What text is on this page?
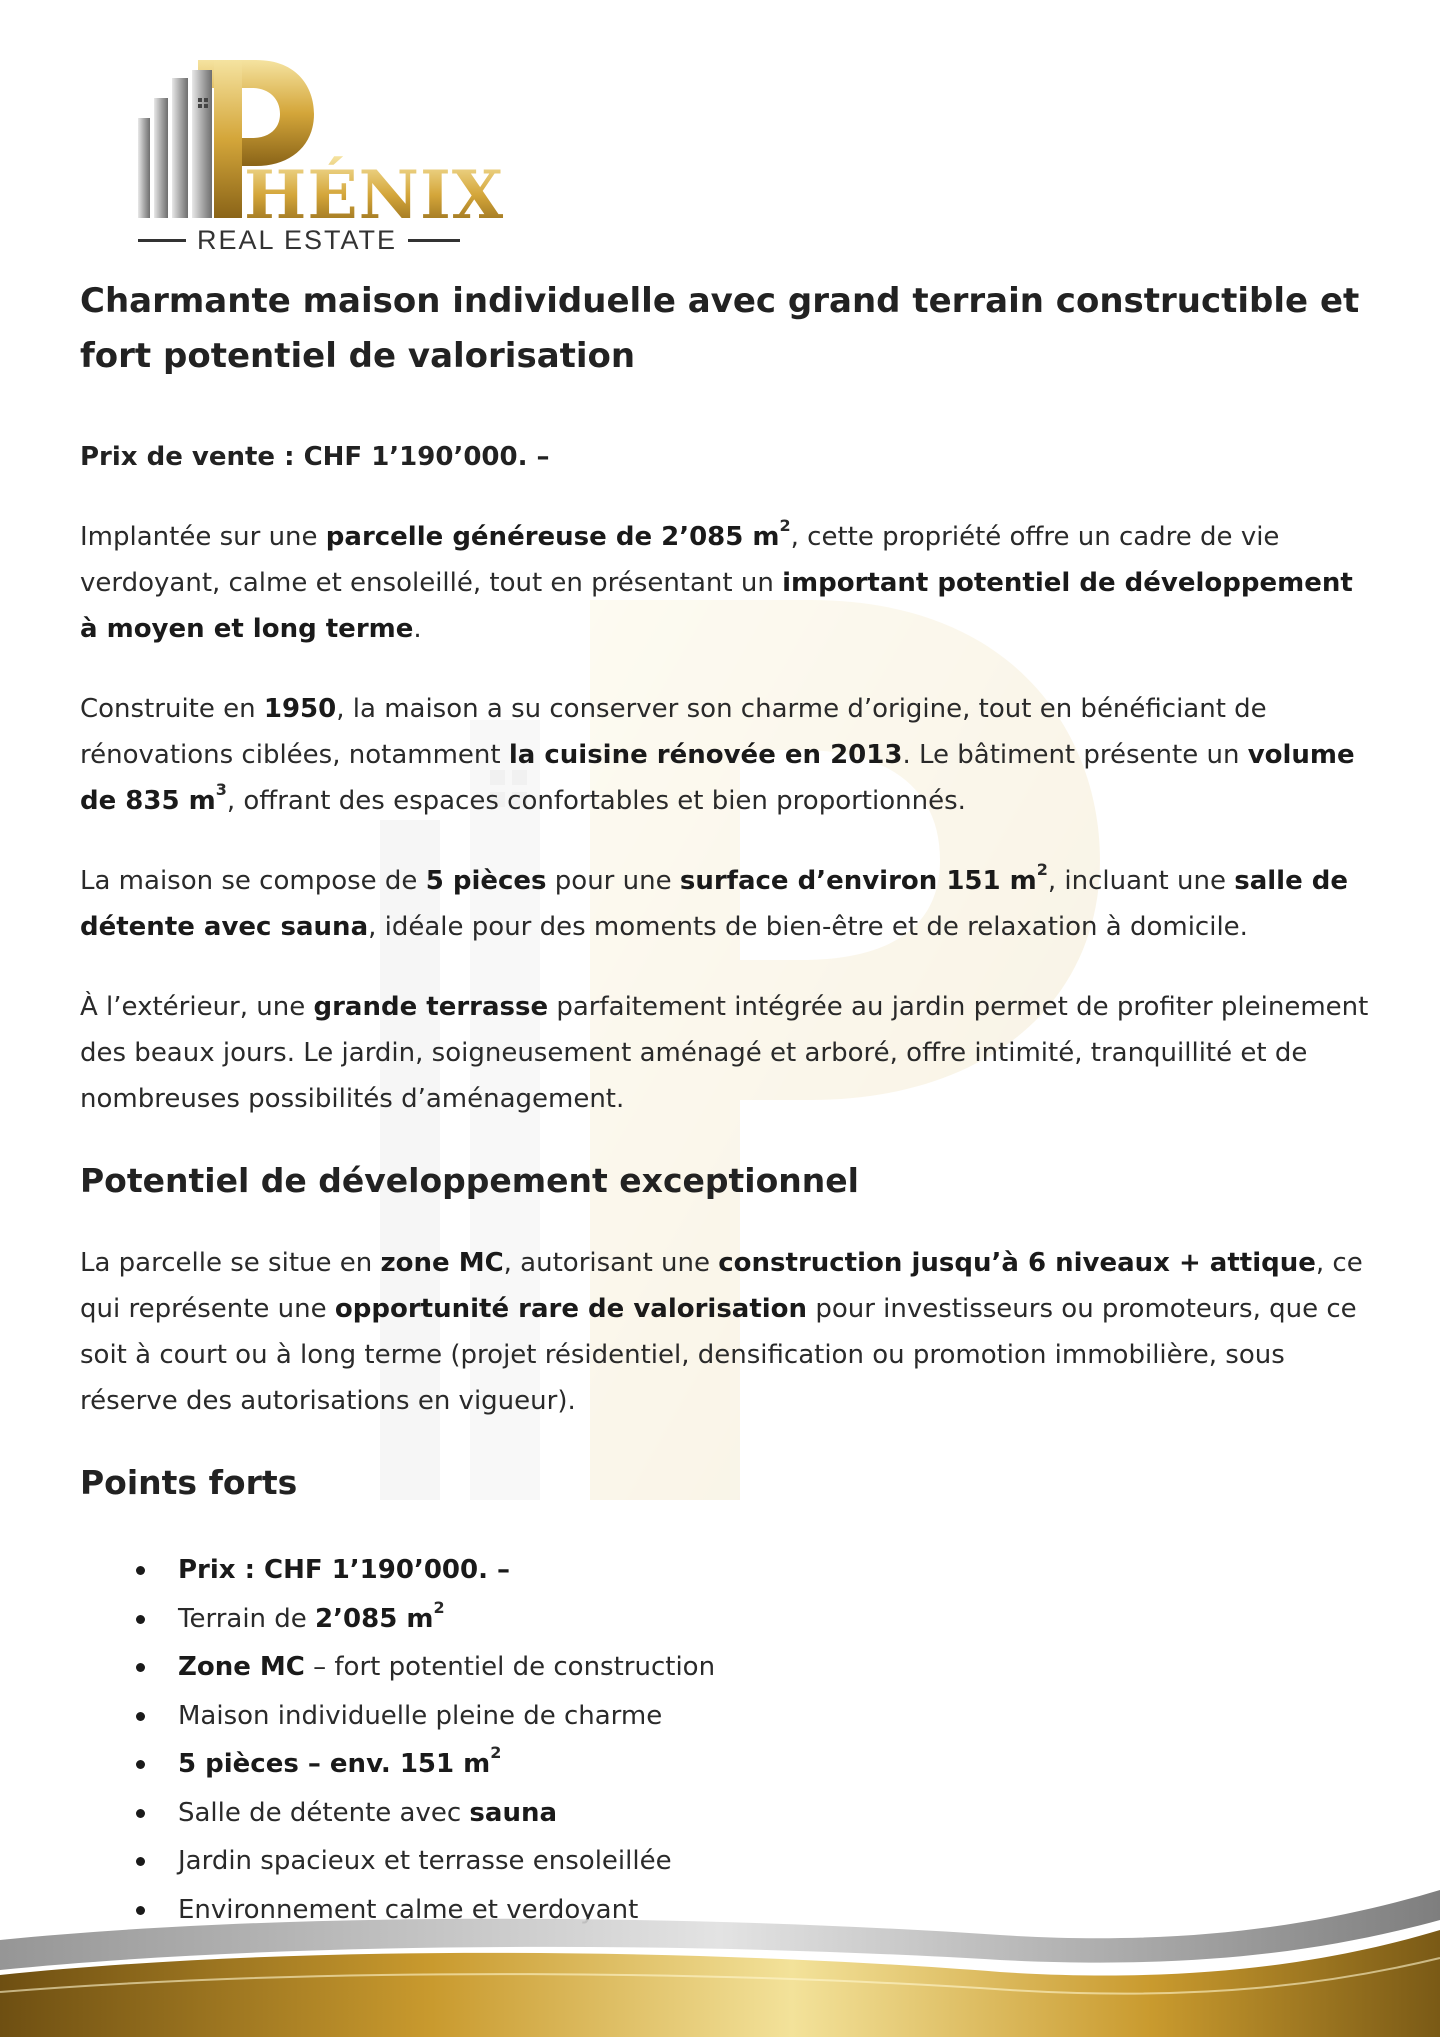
HÉNIX
REAL ESTATE
Charmante maison individuelle avec grand terrain constructible et fort potentiel de valorisation
Prix de vente : CHF 1’190’000. –

Implantée sur une parcelle généreuse de 2’085 $m^2$, cette propriété offre un cadre de vie verdoyant, calme et ensoleillé, tout en présentant un important potentiel de développement à moyen et long terme.

Construite en 1950, la maison a su conserver son charme d’origine, tout en bénéficiant de rénovations ciblées, notamment la cuisine rénovée en 2013. Le bâtiment présente un volume de 835 $m^3$, offrant des espaces confortables et bien proportionnés.

La maison se compose de 5 pièces pour une surface d’environ 151 $m^2$, incluant une salle de détente avec sauna, idéale pour des moments de bien-être et de relaxation à domicile.

À l’extérieur, une grande terrasse parfaitement intégrée au jardin permet de profiter pleinement des beaux jours. Le jardin, soigneusement aménagé et arboré, offre intimité, tranquillité et de nombreuses possibilités d’aménagement.

Potentiel de développement exceptionnel

La parcelle se situe en zone MC, autorisant une construction jusqu’à 6 niveaux + attique, ce qui représente une opportunité rare de valorisation pour investisseurs ou promoteurs, que ce soit à court ou à long terme (projet résidentiel, densification ou promotion immobilière, sous réserve des autorisations en vigueur).

Points forts
Prix : CHF 1’190’000. –
Terrain de 2’085 $m^2$
Zone MC – fort potentiel de construction
Maison individuelle pleine de charme
5 pièces – env. 151 $m^2$
Salle de détente avec sauna
Jardin spacieux et terrasse ensoleillée
Environnement calme et verdoyant
